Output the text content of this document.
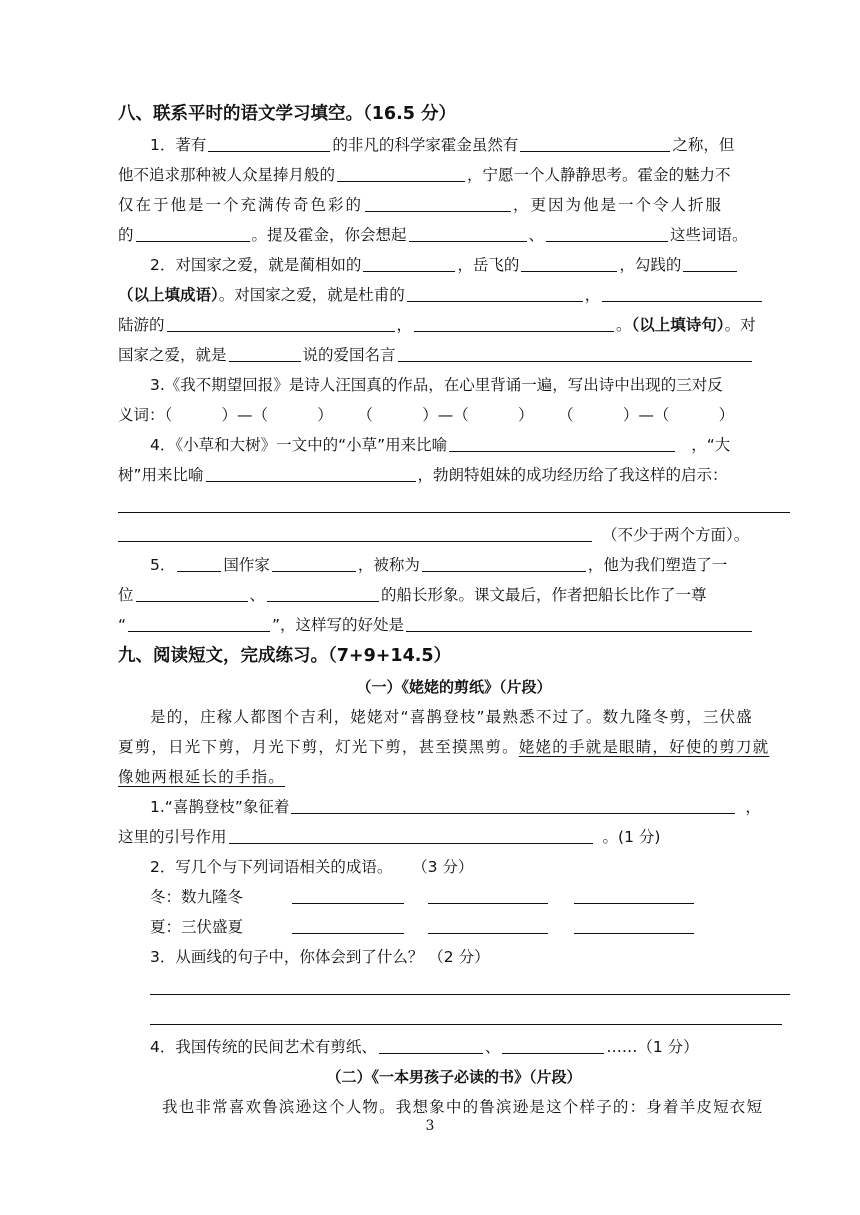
八、联系平时的语文学习填空。（16.5 分）
1．著有	的非凡的科学家霍金虽然有	之称，但
他不追求那种被人众星捧月般的	，宁愿一个人静静思考。霍金的魅力不
仅在于他是一个充满传奇色彩的	，更因为他是一个令人折服
的	。提及霍金，你会想起	、	这些词语。
2．对国家之爱，就是蔺相如的	，岳飞的	，勾践的
（以上填成语）。对国家之爱，就是杜甫的	，
陆游的	，	。（以上填诗句）。对
国家之爱，就是	说的爱国名言
3.《我不期望回报》是诗人汪国真的作品，在心里背诵一遍，写出诗中出现的三对反
义词：（          ）—（          ）     （          ）—（          ）     （          ）—（          ）
4．《小草和大树》一文中的“小草”用来比喻	，“大
树”用来比喻	，勃朗特姐妹的成功经历给了我这样的启示：
（不少于两个方面）。
5．	国作家	，被称为	，他为我们塑造了一
位	、	的船长形象。课文最后，作者把船长比作了一尊
“	”，这样写的好处是
九、阅读短文，完成练习。（7+9+14.5）
（一）《姥姥的剪纸》（片段）
是的，庄稼人都图个吉利，姥姥对“喜鹊登枝”最熟悉不过了。数九隆冬剪，三伏盛
夏剪，日光下剪，月光下剪，灯光下剪，甚至摸黑剪。姥姥的手就是眼睛，好使的剪刀就
像她两根延长的手指。
1.“喜鹊登枝”象征着	，
这里的引号作用	。(1 分)
2．写几个与下列词语相关的成语。    （3 分）
冬：数九隆冬
夏：三伏盛夏
3．从画线的句子中，你体会到了什么？ （2 分）
4．我国传统的民间艺术有剪纸、	、	……（1 分）
（二）《一本男孩子必读的书》（片段）
我也非常喜欢鲁滨逊这个人物。我想象中的鲁滨逊是这个样子的：身着羊皮短衣短
3
